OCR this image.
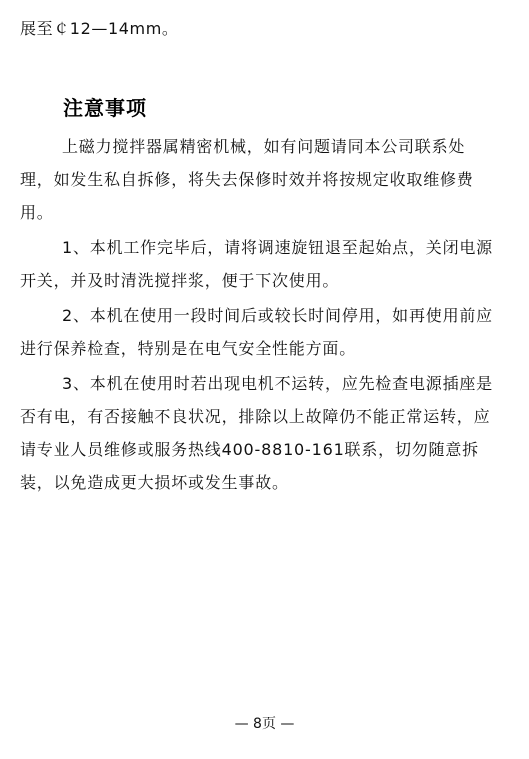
展至￠12—14mm。
注意事项

上磁力搅拌器属精密机械，如有问题请同本公司联系处理，如发生私自拆修，将失去保修时效并将按规定收取维修费用。

1、本机工作完毕后，请将调速旋钮退至起始点，关闭电源开关，并及时清洗搅拌浆，便于下次使用。

2、本机在使用一段时间后或较长时间停用，如再使用前应进行保养检查，特别是在电气安全性能方面。

3、本机在使用时若出现电机不运转，应先检查电源插座是否有电，有否接触不良状况，排除以上故障仍不能正常运转，应请专业人员维修或服务热线400-8810-161联系，切勿随意拆装，以免造成更大损坏或发生事故。

— 8页 —
